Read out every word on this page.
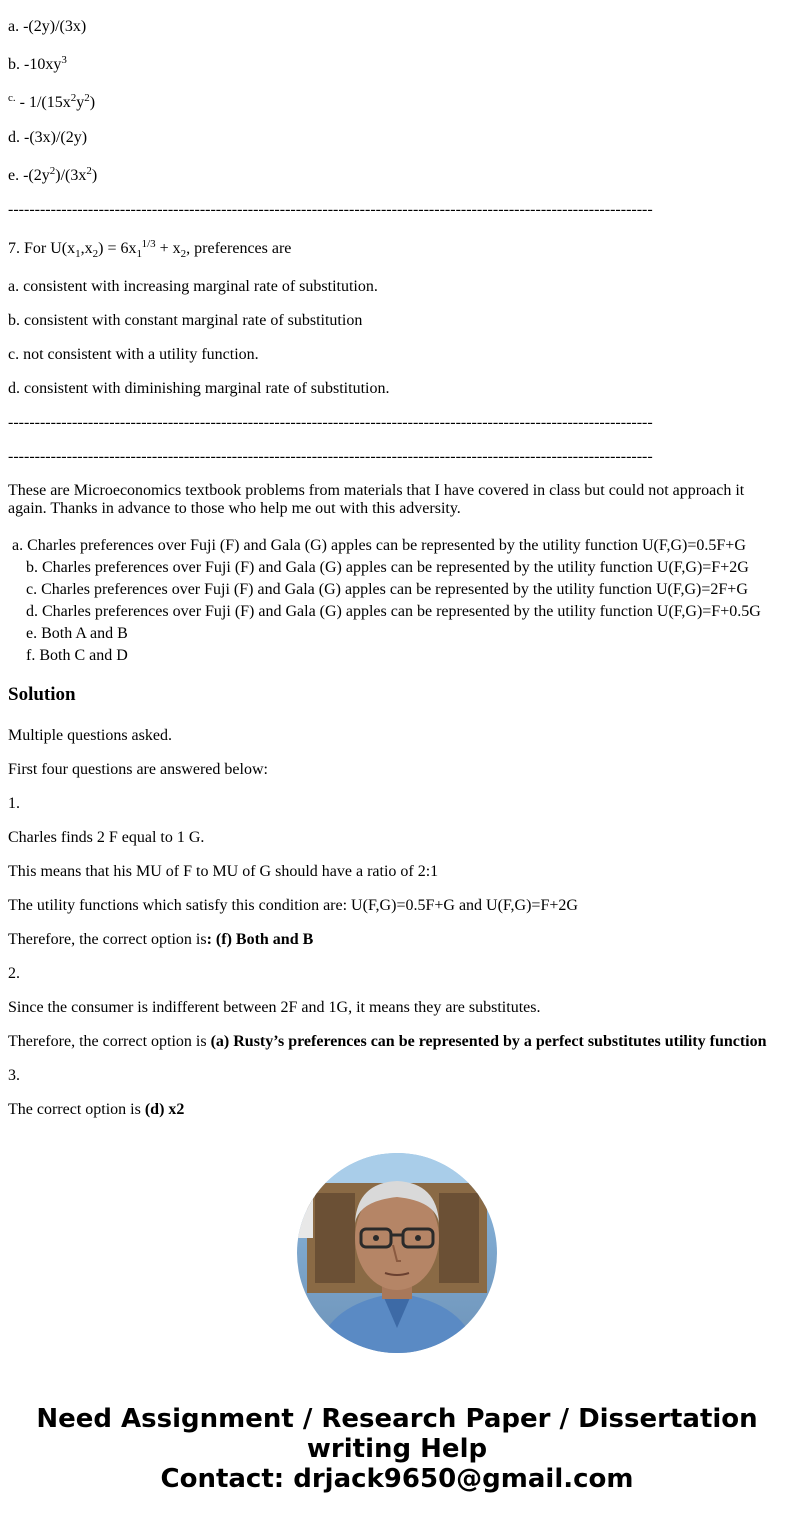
a. -(2y)/(3x)
b. $-10xy^3$
$^{c.} - 1/(15x^2y^2)$
d. -(3x)/(2y)
e. $-(2y^2)/(3x^2)$
-------------------------------------------------------------------------------------------------------------------------
7. For $U(x_1,x_2) = 6x_1^{1/3} + x_2$, preferences are
a. consistent with increasing marginal rate of substitution.
b. consistent with constant marginal rate of substitution
c. not consistent with a utility function.
d. consistent with diminishing marginal rate of substitution.
-------------------------------------------------------------------------------------------------------------------------
-------------------------------------------------------------------------------------------------------------------------
These are Microeconomics textbook problems from materials that I have covered in class but could not approach it again. Thanks in advance to those who help me out with this adversity.
a. Charles preferences over Fuji (F) and Gala (G) apples can be represented by the utility function U(F,G)=0.5F+G
b. Charles preferences over Fuji (F) and Gala (G) apples can be represented by the utility function U(F,G)=F+2G
c. Charles preferences over Fuji (F) and Gala (G) apples can be represented by the utility function U(F,G)=2F+G
d. Charles preferences over Fuji (F) and Gala (G) apples can be represented by the utility function U(F,G)=F+0.5G
e. Both A and B
f. Both C and D
Solution
Multiple questions asked.
First four questions are answered below:
1.
Charles finds 2 F equal to 1 G.
This means that his MU of F to MU of G should have a ratio of 2:1
The utility functions which satisfy this condition are: U(F,G)=0.5F+G and U(F,G)=F+2G
Therefore, the correct option is: (f) Both and B
2.
Since the consumer is indifferent between 2F and 1G, it means they are substitutes.
Therefore, the correct option is (a) Rusty’s preferences can be represented by a perfect substitutes utility function
3.
The correct option is (d) x2
Need Assignment / Research Paper / Dissertation
writing Help
Contact: drjack9650@gmail.com
